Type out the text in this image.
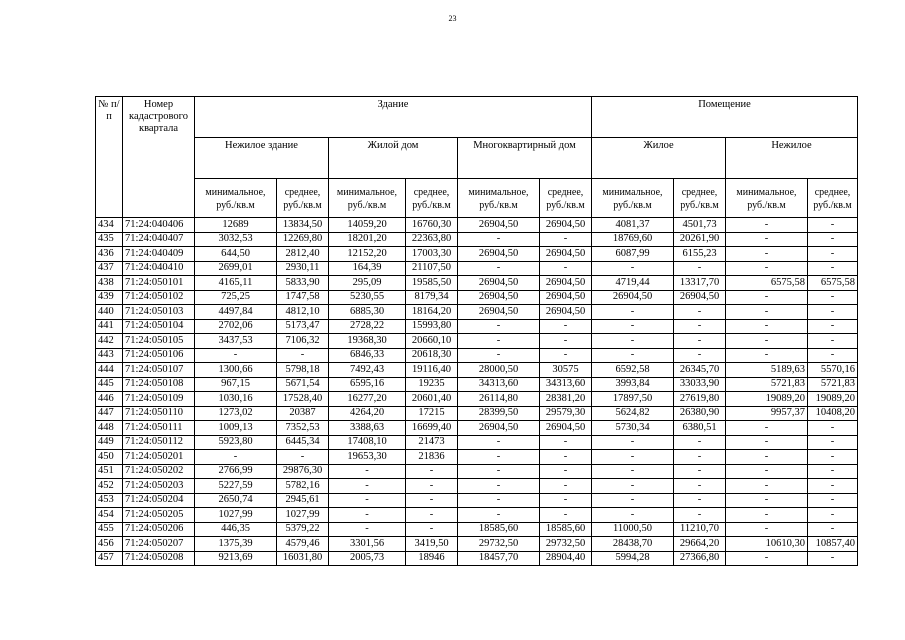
23
№ п/п	Номер кадастрового квартала	Здание						Помещение			
		Нежилое здание		Жилой дом		Многоквартирный дом		Жилое		Нежилое	
		минимальное, руб./кв.м	среднее, руб./кв.м	минимальное, руб./кв.м	среднее, руб./кв.м	минимальное, руб./кв.м	среднее, руб./кв.м	минимальное, руб./кв.м	среднее, руб./кв.м	минимальное, руб./кв.м	среднее, руб./кв.м
434	71:24:040406	12689	13834,50	14059,20	16760,30	26904,50	26904,50	4081,37	4501,73	-	-
435	71:24:040407	3032,53	12269,80	18201,20	22363,80	-	-	18769,60	20261,90	-	-
436	71:24:040409	644,50	2812,40	12152,20	17003,30	26904,50	26904,50	6087,99	6155,23	-	-
437	71:24:040410	2699,01	2930,11	164,39	21107,50	-	-	-	-	-	-
438	71:24:050101	4165,11	5833,90	295,09	19585,50	26904,50	26904,50	4719,44	13317,70	6575,58	6575,58
439	71:24:050102	725,25	1747,58	5230,55	8179,34	26904,50	26904,50	26904,50	26904,50	-	-
440	71:24:050103	4497,84	4812,10	6885,30	18164,20	26904,50	26904,50	-	-	-	-
441	71:24:050104	2702,06	5173,47	2728,22	15993,80	-	-	-	-	-	-
442	71:24:050105	3437,53	7106,32	19368,30	20660,10	-	-	-	-	-	-
443	71:24:050106	-	-	6846,33	20618,30	-	-	-	-	-	-
444	71:24:050107	1300,66	5798,18	7492,43	19116,40	28000,50	30575	6592,58	26345,70	5189,63	5570,16
445	71:24:050108	967,15	5671,54	6595,16	19235	34313,60	34313,60	3993,84	33033,90	5721,83	5721,83
446	71:24:050109	1030,16	17528,40	16277,20	20601,40	26114,80	28381,20	17897,50	27619,80	19089,20	19089,20
447	71:24:050110	1273,02	20387	4264,20	17215	28399,50	29579,30	5624,82	26380,90	9957,37	10408,20
448	71:24:050111	1009,13	7352,53	3388,63	16699,40	26904,50	26904,50	5730,34	6380,51	-	-
449	71:24:050112	5923,80	6445,34	17408,10	21473	-	-	-	-	-	-
450	71:24:050201	-	-	19653,30	21836	-	-	-	-	-	-
451	71:24:050202	2766,99	29876,30	-	-	-	-	-	-	-	-
452	71:24:050203	5227,59	5782,16	-	-	-	-	-	-	-	-
453	71:24:050204	2650,74	2945,61	-	-	-	-	-	-	-	-
454	71:24:050205	1027,99	1027,99	-	-	-	-	-	-	-	-
455	71:24:050206	446,35	5379,22	-	-	18585,60	18585,60	11000,50	11210,70	-	-
456	71:24:050207	1375,39	4579,46	3301,56	3419,50	29732,50	29732,50	28438,70	29664,20	10610,30	10857,40
457	71:24:050208	9213,69	16031,80	2005,73	18946	18457,70	28904,40	5994,28	27366,80	-	-
